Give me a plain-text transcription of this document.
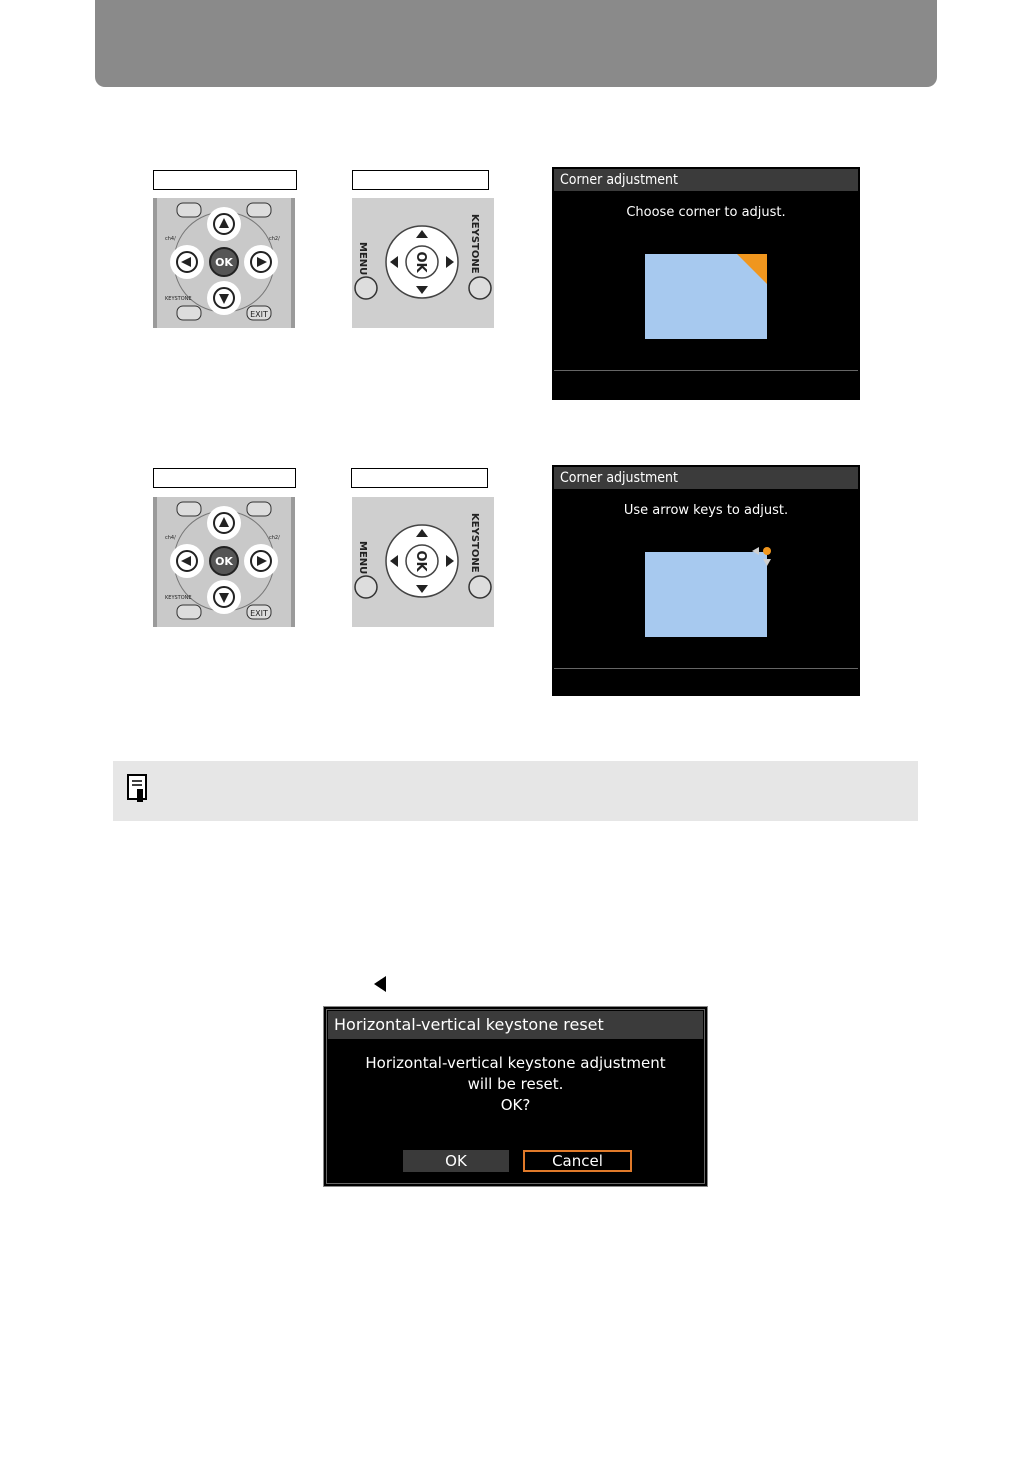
OK
EXIT
KEYSTONE
ch4/	ch2/
OK
MENU	KEYSTONE
Corner adjustment
Choose corner to adjust.
OK
EXIT
KEYSTONE
ch4/	ch2/
OK
MENU	KEYSTONE
Corner adjustment
Use arrow keys to adjust.
Horizontal-vertical keystone reset
Horizontal-vertical keystone adjustment
will be reset.
OK?
OK	Cancel
